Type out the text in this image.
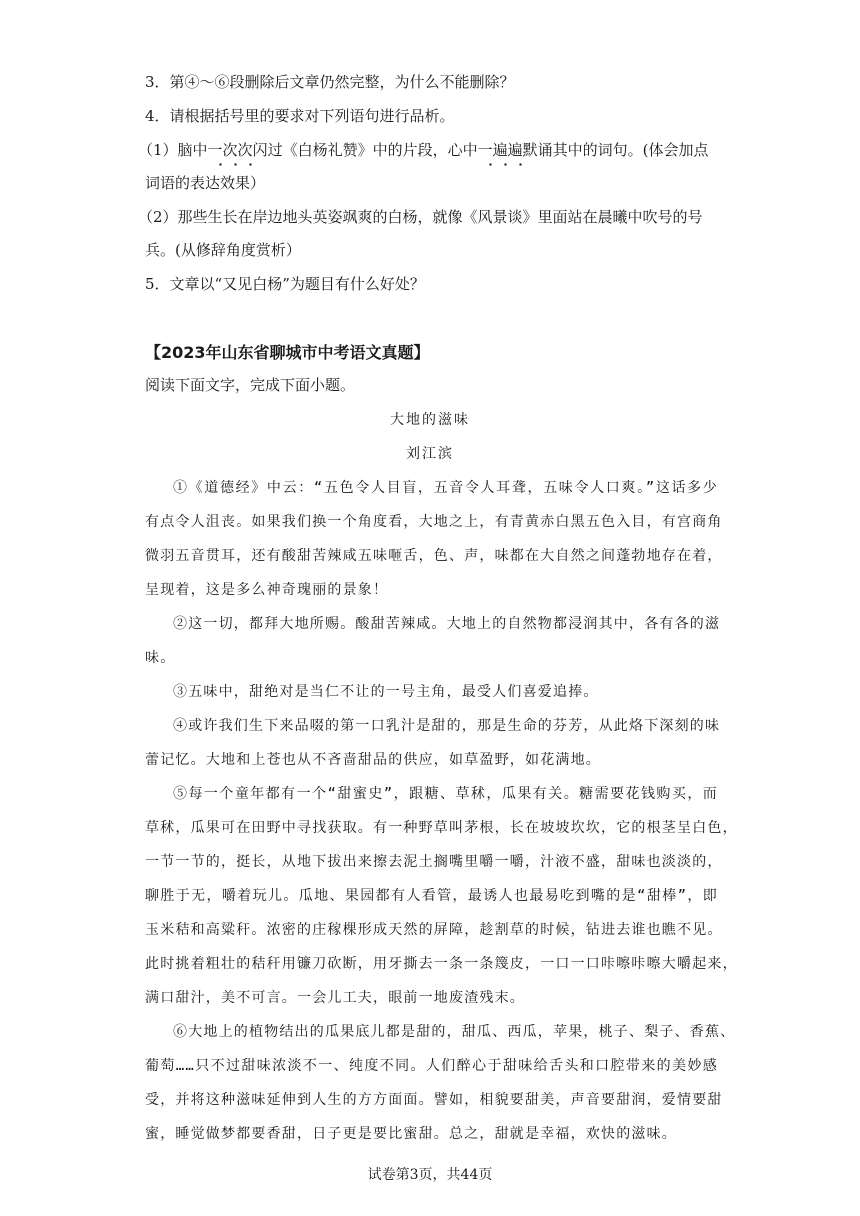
3．第④～⑥段删除后文章仍然完整，为什么不能删除？
4．请根据括号里的要求对下列语句进行品析。
（1）脑中一次次闪过《白杨礼赞》中的片段，心中一遍遍默诵其中的词句。(体会加点
词语的表达效果）
（2）那些生长在岸边地头英姿飒爽的白杨，就像《风景谈》里面站在晨曦中吹号的号
兵。(从修辞角度赏析）
5．文章以“又见白杨”为题目有什么好处？
【2023年山东省聊城市中考语文真题】
阅读下面文字，完成下面小题。
大地的滋味
刘江滨
①《道德经》中云：“五色令人目盲，五音令人耳聋，五味令人口爽。”这话多少
有点令人沮丧。如果我们换一个角度看，大地之上，有青黄赤白黑五色入目，有宫商角
微羽五音贯耳，还有酸甜苦辣咸五味咂舌，色、声，味都在大自然之间蓬勃地存在着，
呈现着，这是多么神奇瑰丽的景象！
②这一切，都拜大地所赐。酸甜苦辣咸。大地上的自然物都浸润其中，各有各的滋
味。
③五味中，甜绝对是当仁不让的一号主角，最受人们喜爱追捧。
④或许我们生下来品啜的第一口乳汁是甜的，那是生命的芬芳，从此烙下深刻的味
蕾记忆。大地和上苍也从不吝啬甜品的供应，如草盈野，如花满地。
⑤每一个童年都有一个“甜蜜史”，跟糖、草秫，瓜果有关。糖需要花钱购买，而
草秫，瓜果可在田野中寻找获取。有一种野草叫茅根，长在坡坡坎坎，它的根茎呈白色，
一节一节的，挺长，从地下拔出来擦去泥土搁嘴里嚼一嚼，汁液不盛，甜味也淡淡的，
聊胜于无，嚼着玩儿。瓜地、果园都有人看管，最诱人也最易吃到嘴的是“甜棒”，即
玉米秸和高粱秆。浓密的庄稼棵形成天然的屏障，趁割草的时候，钻进去谁也瞧不见。
此时挑着粗壮的秸秆用镰刀砍断，用牙撕去一条一条篾皮，一口一口咔嚓咔嚓大嚼起来，
满口甜汁，美不可言。一会儿工夫，眼前一地废渣残末。
⑥大地上的植物结出的瓜果底儿都是甜的，甜瓜、西瓜，苹果，桃子、梨子、香蕉、
葡萄……只不过甜味浓淡不一、纯度不同。人们醉心于甜味给舌头和口腔带来的美妙感
受，并将这种滋味延伸到人生的方方面面。譬如，相貌要甜美，声音要甜润，爱情要甜
蜜，睡觉做梦都要香甜，日子更是要比蜜甜。总之，甜就是幸福，欢快的滋味。
试卷第3页，共44页
